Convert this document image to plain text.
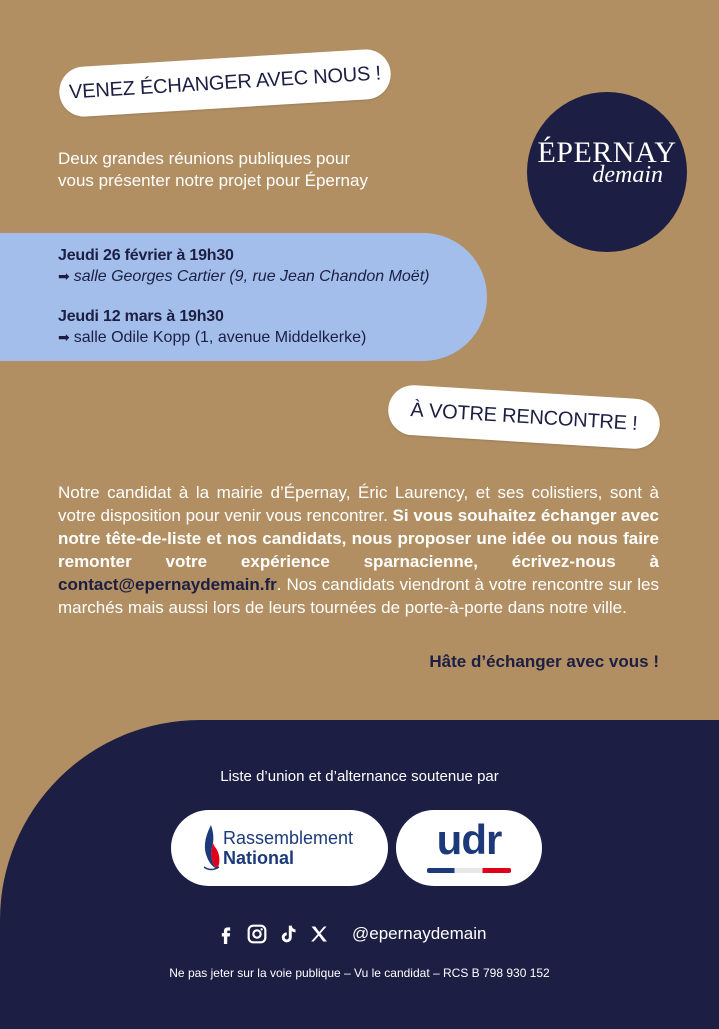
VENEZ ÉCHANGER AVEC NOUS !
ÉPERNAY
demain
Deux grandes réunions publiques pour
vous présenter notre projet pour Épernay
Jeudi 26 février à 19h30
➡ salle Georges Cartier (9, rue Jean Chandon Moët)
Jeudi 12 mars à 19h30
➡ salle Odile Kopp (1, avenue Middelkerke)
À VOTRE RENCONTRE !

Notre candidat à la mairie d’Épernay, Éric Laurency, et ses colistiers, sont à votre disposition pour venir vous rencontrer. Si vous souhaitez échanger avec notre tête-de-liste et nos candidats, nous proposer une idée ou nous faire remonter votre expérience sparnacienne, écrivez-nous à contact@epernaydemain.fr. Nos candidats viendront à votre rencontre sur les marchés mais aussi lors de leurs tournées de porte-à-porte dans notre ville.

Hâte d’échanger avec vous !
Liste d’union et d’alternance soutenue par
Rassemblement
National	udr
@epernaydemain
Ne pas jeter sur la voie publique – Vu le candidat – RCS B 798 930 152
